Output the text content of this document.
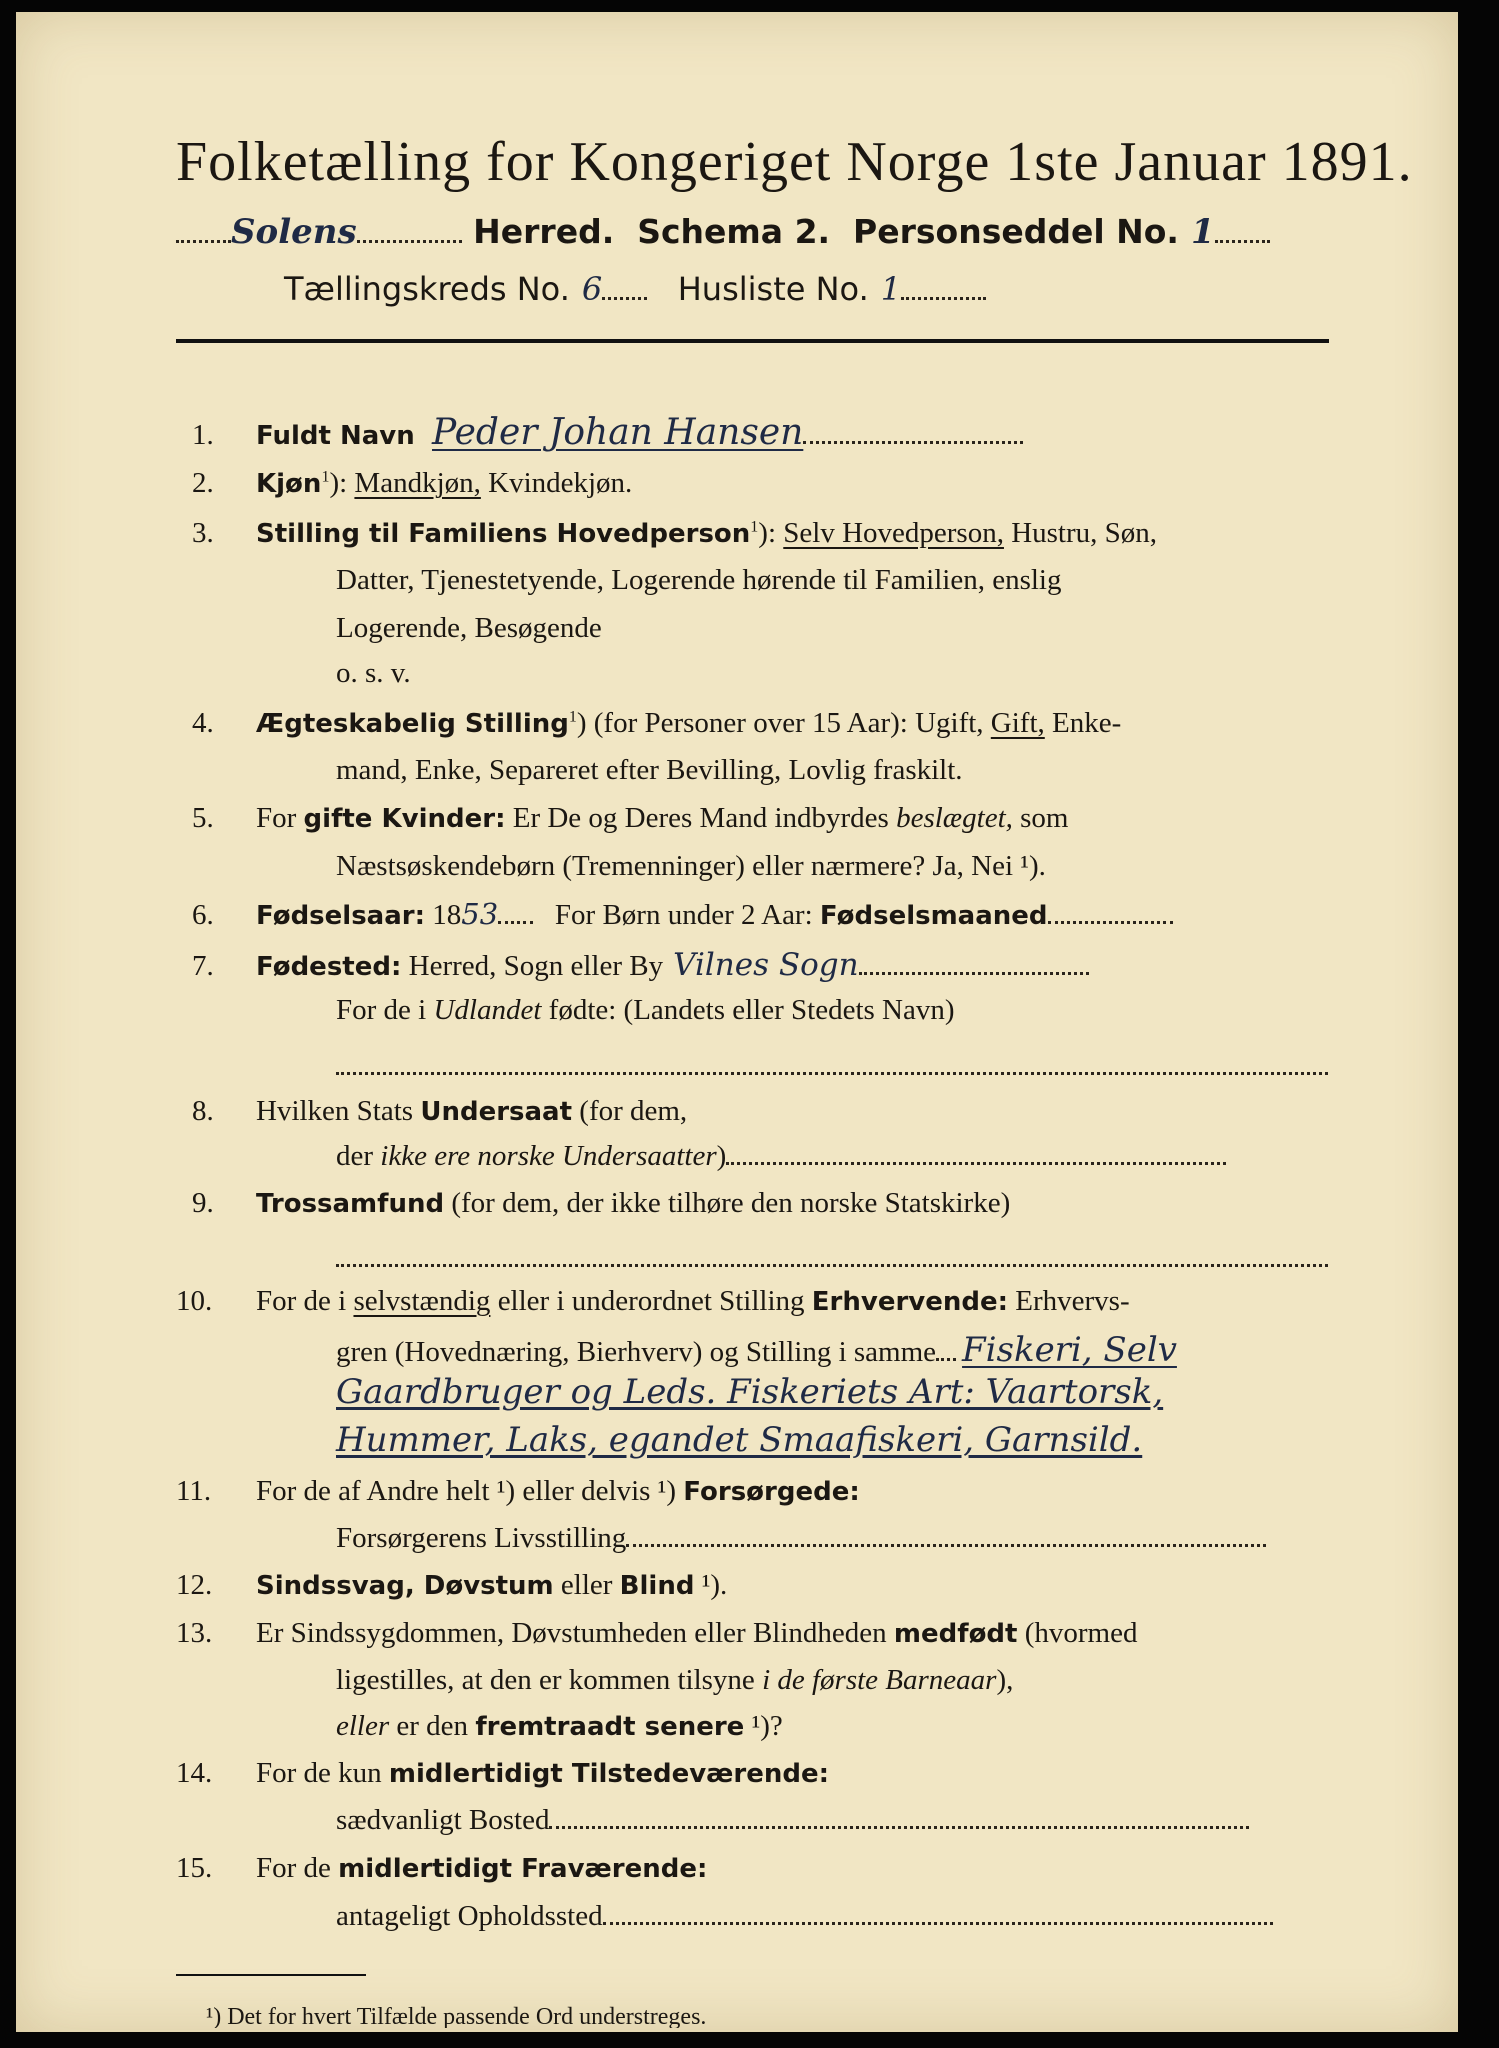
Folketælling for Kongeriget Norge 1ste Januar 1891.
Solens	Herred. Schema 2. Personseddel No. 1
Tællingskreds No. 6 Husliste No. 1
1. Fuldt Navn Peder Johan Hansen
2. Kjøn$^1$): Mandkjøn, Kvindekjøn.
3. Stilling til Familiens Hovedperson$^1$): Selv Hovedperson, Hustru, Søn,
Datter, Tjenestetyende, Logerende hørende til Familien, enslig
Logerende, Besøgende
o. s. v.
4. Ægteskabelig Stilling$^1$) (for Personer over 15 Aar): Ugift, Gift, Enke-
mand, Enke, Separeret efter Bevilling, Lovlig fraskilt.
5. For gifte Kvinder: Er De og Deres Mand indbyrdes beslægtet, som
Næstsøskendebørn (Tremenninger) eller nærmere? Ja, Nei ¹).
6. Fødselsaar: 1853 For Børn under 2 Aar: Fødselsmaaned
7. Fødested: Herred, Sogn eller By Vilnes Sogn
For de i Udlandet fødte: (Landets eller Stedets Navn)
8. Hvilken Stats Undersaat (for dem,
der ikke ere norske Undersaatter)
9. Trossamfund (for dem, der ikke tilhøre den norske Statskirke)
10. For de i selvstændig eller i underordnet Stilling Erhvervende: Erhvervs-
gren (Hovednæring, Bierhverv) og Stilling i samme Fiskeri, Selv
Gaardbruger og Leds. Fiskeriets Art: Vaartorsk,
Hummer, Laks, egandet Smaafiskeri, Garnsild.
11. For de af Andre helt ¹) eller delvis ¹) Forsørgede:
Forsørgerens Livsstilling
12. Sindssvag, Døvstum eller Blind ¹).
13. Er Sindssygdommen, Døvstumheden eller Blindheden medfødt (hvormed
ligestilles, at den er kommen tilsyne i de første Barneaar),
eller er den fremtraadt senere ¹)?
14. For de kun midlertidigt Tilstedeværende:
sædvanligt Bosted
15. For de midlertidigt Fraværende:
antageligt Opholdssted
¹) Det for hvert Tilfælde passende Ord understreges.
